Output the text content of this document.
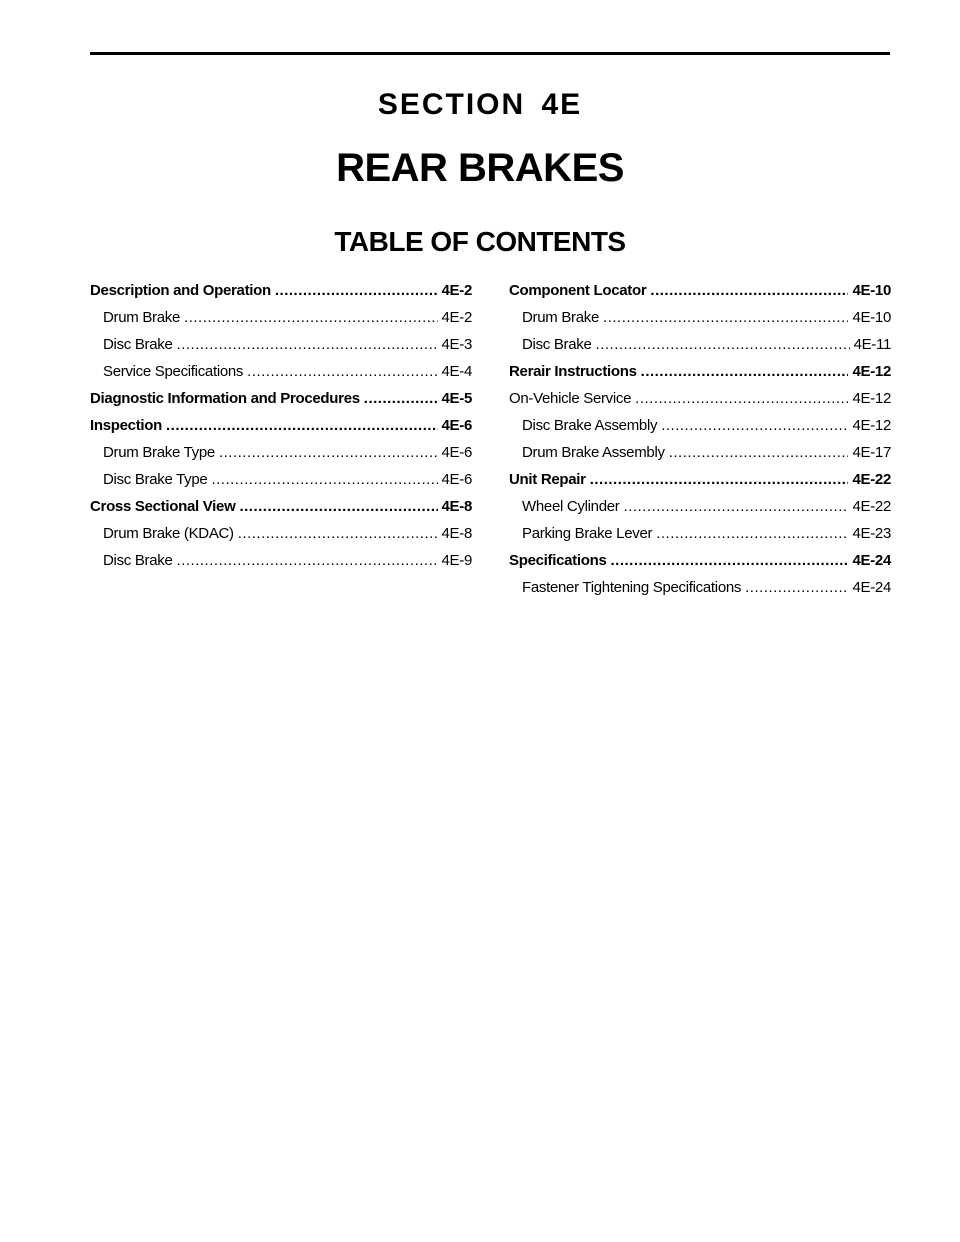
SECTION 4E
REAR BRAKES
TABLE OF CONTENTS
Description and Operation .....	4E-2
Drum Brake .....	4E-2
Disc Brake .....	4E-3
Service Specifications .....	4E-4
Diagnostic Information and Procedures .....	4E-5
Inspection .....	4E-6
Drum Brake Type .....	4E-6
Disc Brake Type .....	4E-6
Cross Sectional View .....	4E-8
Drum Brake (KDAC) .....	4E-8
Disc Brake .....	4E-9
Component Locator .....	4E-10
Drum Brake .....	4E-10
Disc Brake .....	4E-11
Rerair Instructions .....	4E-12
On-Vehicle Service .....	4E-12
Disc Brake Assembly .....	4E-12
Drum Brake Assembly .....	4E-17
Unit Repair .....	4E-22
Wheel Cylinder .....	4E-22
Parking Brake Lever .....	4E-23
Specifications .....	4E-24
Fastener Tightening Specifications .....	4E-24
